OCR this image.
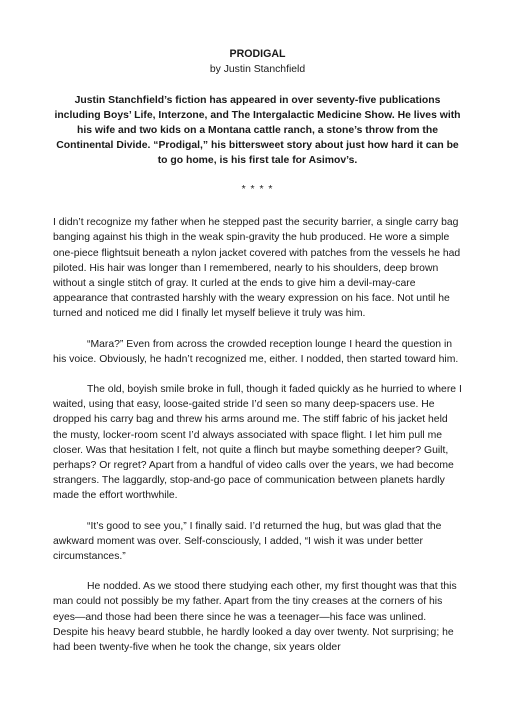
PRODIGAL

by Justin Stanchfield

Justin Stanchfield’s fiction has appeared in over seventy-five publications including Boys’ Life, Interzone, and The Intergalactic Medicine Show. He lives with his wife and two kids on a Montana cattle ranch, a stone’s throw from the Continental Divide. “Prodigal,” his bittersweet story about just how hard it can be to go home, is his first tale for Asimov’s.

* * * *

I didn’t recognize my father when he stepped past the security barrier, a single carry bag banging against his thigh in the weak spin-gravity the hub produced. He wore a simple one-piece flightsuit beneath a nylon jacket covered with patches from the vessels he had piloted. His hair was longer than I remembered, nearly to his shoulders, deep brown without a single stitch of gray. It curled at the ends to give him a devil-may-care appearance that contrasted harshly with the weary expression on his face. Not until he turned and noticed me did I finally let myself believe it truly was him.

“Mara?” Even from across the crowded reception lounge I heard the question in his voice. Obviously, he hadn’t recognized me, either. I nodded, then started toward him.

The old, boyish smile broke in full, though it faded quickly as he hurried to where I waited, using that easy, loose-gaited stride I’d seen so many deep-spacers use. He dropped his carry bag and threw his arms around me. The stiff fabric of his jacket held the musty, locker-room scent I’d always associated with space flight. I let him pull me closer. Was that hesitation I felt, not quite a flinch but maybe something deeper? Guilt, perhaps? Or regret? Apart from a handful of video calls over the years, we had become strangers. The laggardly, stop-and-go pace of communication between planets hardly made the effort worthwhile.

“It’s good to see you,” I finally said. I’d returned the hug, but was glad that the awkward moment was over. Self-consciously, I added, “I wish it was under better circumstances.”

He nodded. As we stood there studying each other, my first thought was that this man could not possibly be my father. Apart from the tiny creases at the corners of his eyes—and those had been there since he was a teenager—his face was unlined. Despite his heavy beard stubble, he hardly looked a day over twenty. Not surprising; he had been twenty-five when he took the change, six years older
